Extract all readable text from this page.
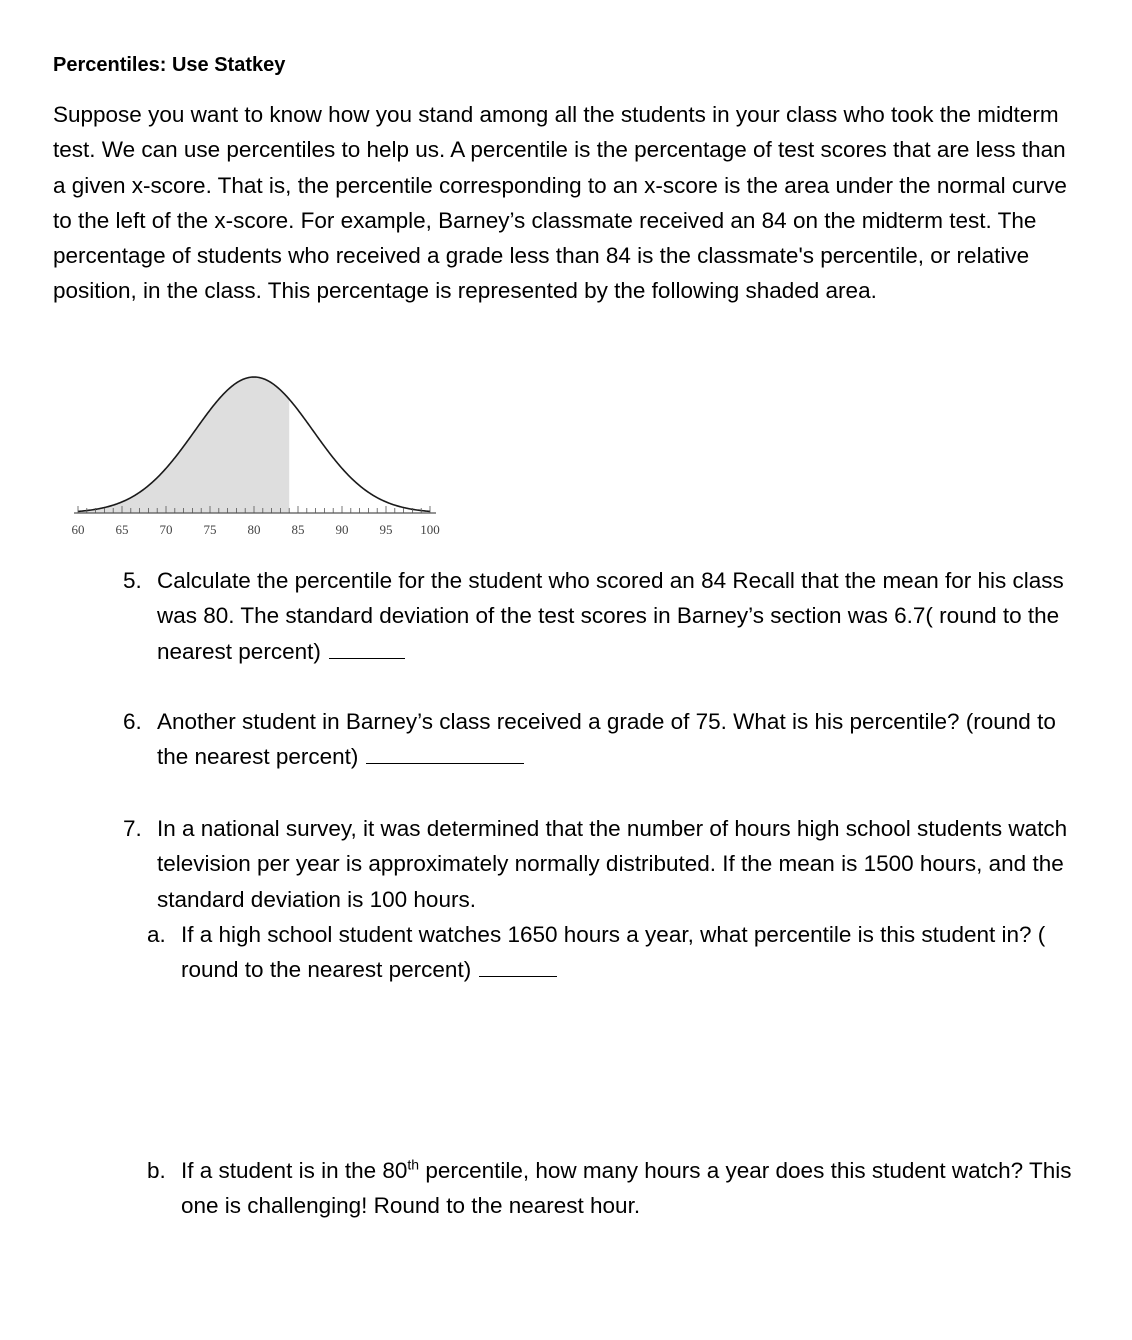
Percentiles: Use Statkey

Suppose you want to know how you stand among all the students in your class who took the midterm test. We can use percentiles to help us. A percentile is the percentage of test scores that are less than a given x-score. That is, the percentile corresponding to an x-score is the area under the normal curve to the left of the x-score. For example, Barney’s classmate received an 84 on the midterm test. The percentage of students who received a grade less than 84 is the classmate's percentile, or relative position, in the class. This percentage is represented by the following shaded area.

60 65 70 75 80 85 90 95 100
5. Calculate the percentile for the student who scored an 84 Recall that the mean for his class was 80. The standard deviation of the test scores in Barney’s section was 6.7( round to the nearest percent)
6. Another student in Barney’s class received a grade of 75. What is his percentile? (round to the nearest percent)
7. In a national survey, it was determined that the number of hours high school students watch television per year is approximately normally distributed. If the mean is 1500 hours, and the standard deviation is 100 hours.
a. If a high school student watches 1650 hours a year, what percentile is this student in? ( round to the nearest percent)
b. If a student is in the 80th percentile, how many hours a year does this student watch? This one is challenging! Round to the nearest hour.
